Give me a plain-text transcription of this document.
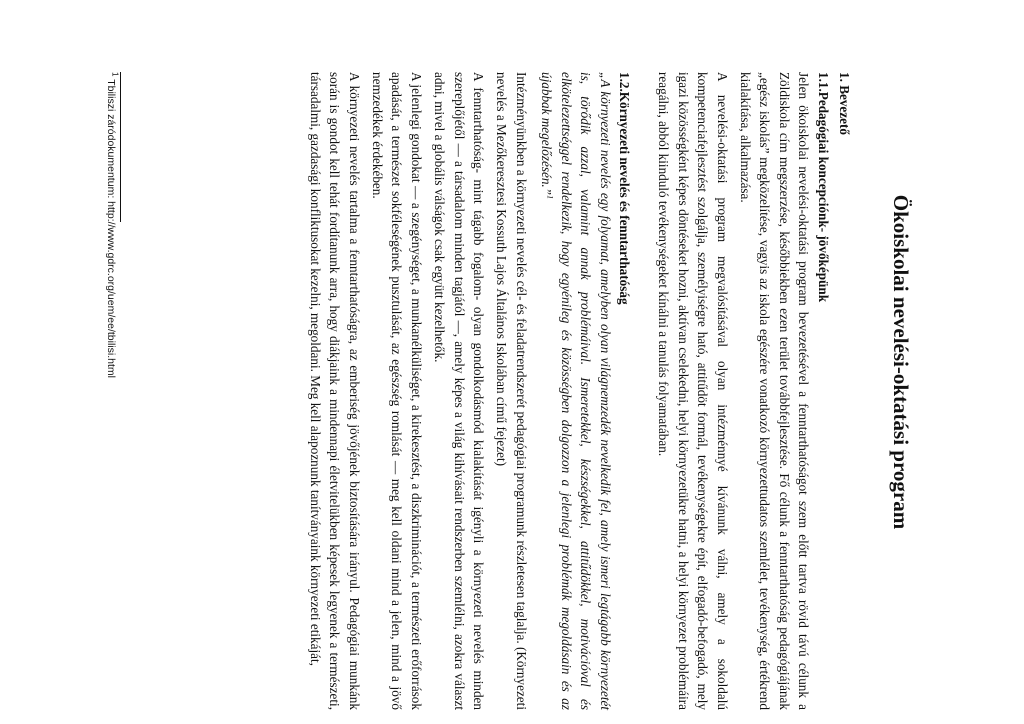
Ökoiskolai nevelési-oktatási program
1. Bevezető
1.1.Pedagógiai koncepciónk- jövőképünk

Jelen ökoiskolai nevelési-oktatási program bevezetésével a fenntarthatóságot szem előtt tartva rövid távú célunk a Zöldiskola cím megszerzése, későbbiekben ezen terület továbbfejlesztése. Fő célunk a fenntarthatóság pedagógiájának „egész iskolás” megközelítése, vagyis az iskola egészére vonatkozó környezettudatos szemlélet, tevékenység, értékrend kialakítása, alkalmazása.

A nevelési-oktatási program megvalósításával olyan intézménnyé kívánunk válni, amely a sokoldalú kompetenciafejlesztést szolgálja, személyiségre ható, attitűdöt formál, tevékenységekre épít, elfogadó-befogadó, mely igazi közösségként képes döntéseket hozni, aktívan cselekedni, helyi környezetükre hatni, a helyi környezet problémáira reagálni, abból kiinduló tevékenységeket kínálni a tanulás folyamatában.

1.2.Környezeti nevelés és fenntarthatóság

„A környezeti nevelés egy folyamat, amelyben olyan világnemzedék nevelkedik fel, amely ismeri legtágabb környezetét is, törődik azzal, valamint annak problémáival. Ismeretekkel, készségekkel, attitűdökkel, motivációval és elkötelezettséggel rendelkezik, hogy egyénileg és közösségben dolgozzon a jelenlegi problémák megoldásain és az újabbak megelőzésén.”$^1$

Intézményünkben a környezeti nevelés cél- és feladatrendszerét pedagógiai programunk részletesen taglalja. (Környezeti nevelés a Mezőkeresztesi Kossuth Lajos Általános Iskolában című fejezet)

A fenntarthatóság- mint tágabb fogalom- olyan gondolkodásmód kialakítását igényli a környezeti nevelés minden szereplőjétől — a társadalom minden tagjától —, amely képes a világ kihívásait rendszerben szemlélni, azokra választ adni, mivel a globális válságok csak együtt kezelhetők.

A jelenlegi gondokat — a szegénységet, a munkanélküliséget, a kirekesztést, a diszkriminációt, a természeti erőforrások apadását, a természet sokféleségének pusztulását, az egészség romlását — meg kell oldani mind a jelen, mind a jövő nemzedékek érdekében.

A környezeti nevelés tartalma a fenntarthatóságra, az emberiség jövőjének biztosítására irányul. Pedagógiai munkánk során is gondot kell tehát fordítanunk arra, hogy diákjaink a mindennapi életvitelükben képesek legyenek a természeti, társadalmi, gazdasági konfliktusokat kezelni, megoldani. Meg kell alapoznunk tanítványaink környezeti etikáját,

$^1$ Tbiliszi záródokumentum: http://www.gdrc.org/uem/ee/tbilisi.html
